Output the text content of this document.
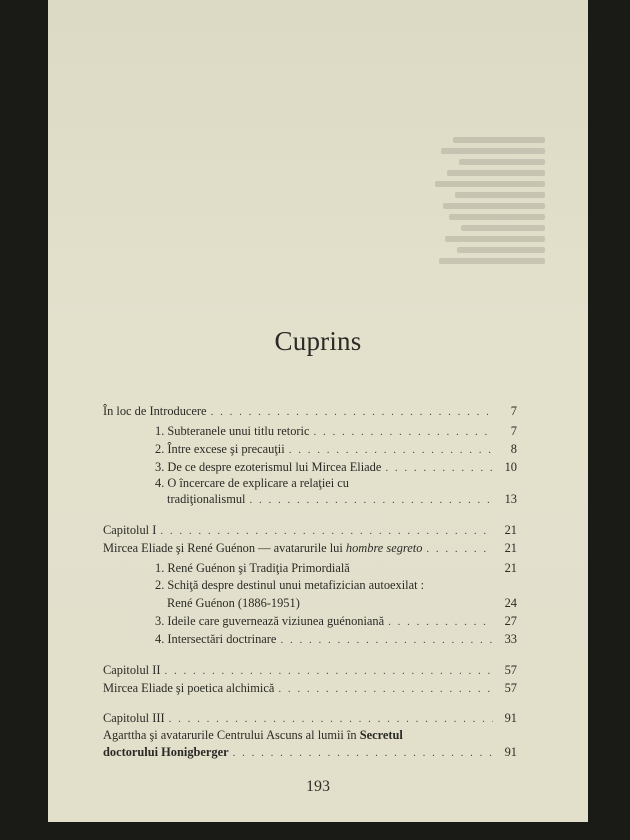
Cuprins
În loc de Introducere . . .	7
1. Subteranele unui titlu retoric . . .	7
2. Între excese şi precauţii . . .	8
3. De ce despre ezoterismul lui Mircea Eliade . . .	10
4. O încercare de explicare a relaţiei cu
tradiţionalismul . . .	13
Capitolul I . . .	21
Mircea Eliade şi René Guénon — avatarurile lui hombre segreto . . .	21
1. René Guénon şi Tradiţia Primordială	21
2. Schiţă despre destinul unui metafizician autoexilat :
René Guénon (1886-1951)	24
3. Ideile care guvernează viziunea guénoniană . . .	27
4. Intersectări doctrinare . . .	33
Capitolul II . . .	57
Mircea Eliade şi poetica alchimică . . .	57
Capitolul III . . .	91
Agarttha şi avatarurile Centrului Ascuns al lumii în Secretul
doctorului Honigberger . . .	91
193
